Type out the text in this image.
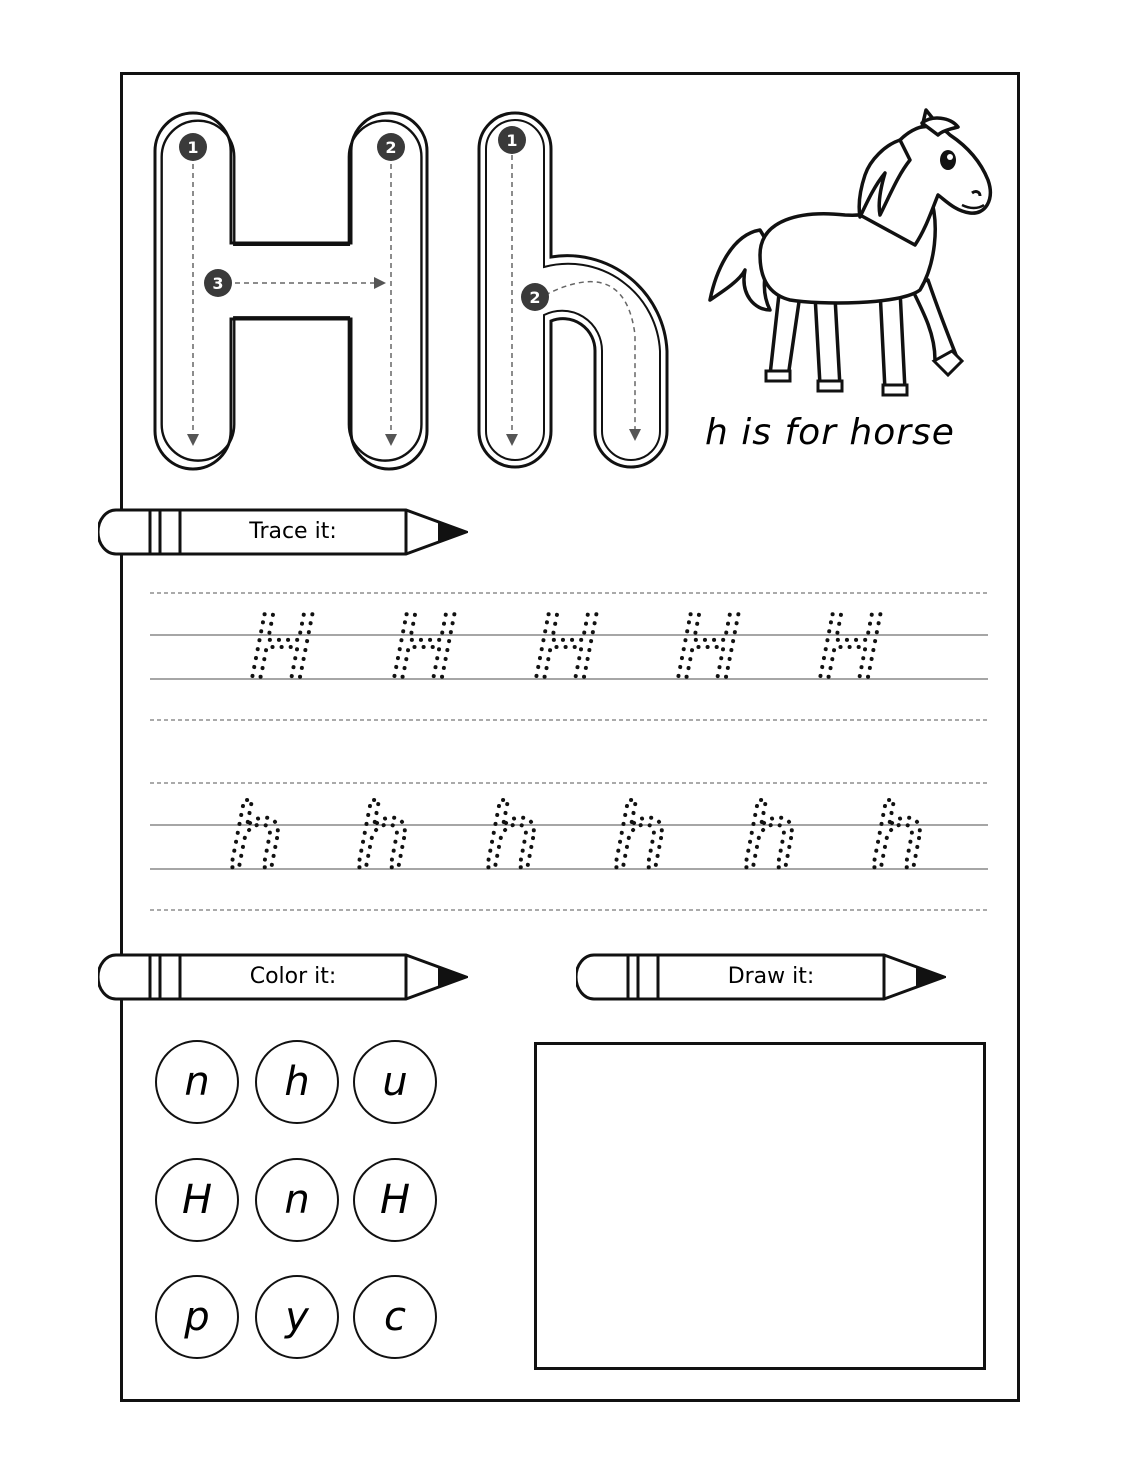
1	2
3
1
2
h is for horse
Trace it:
H H H H H
h h h h h h
Color it:	Draw it:
n	h	u
H	n	H
p	y	c
